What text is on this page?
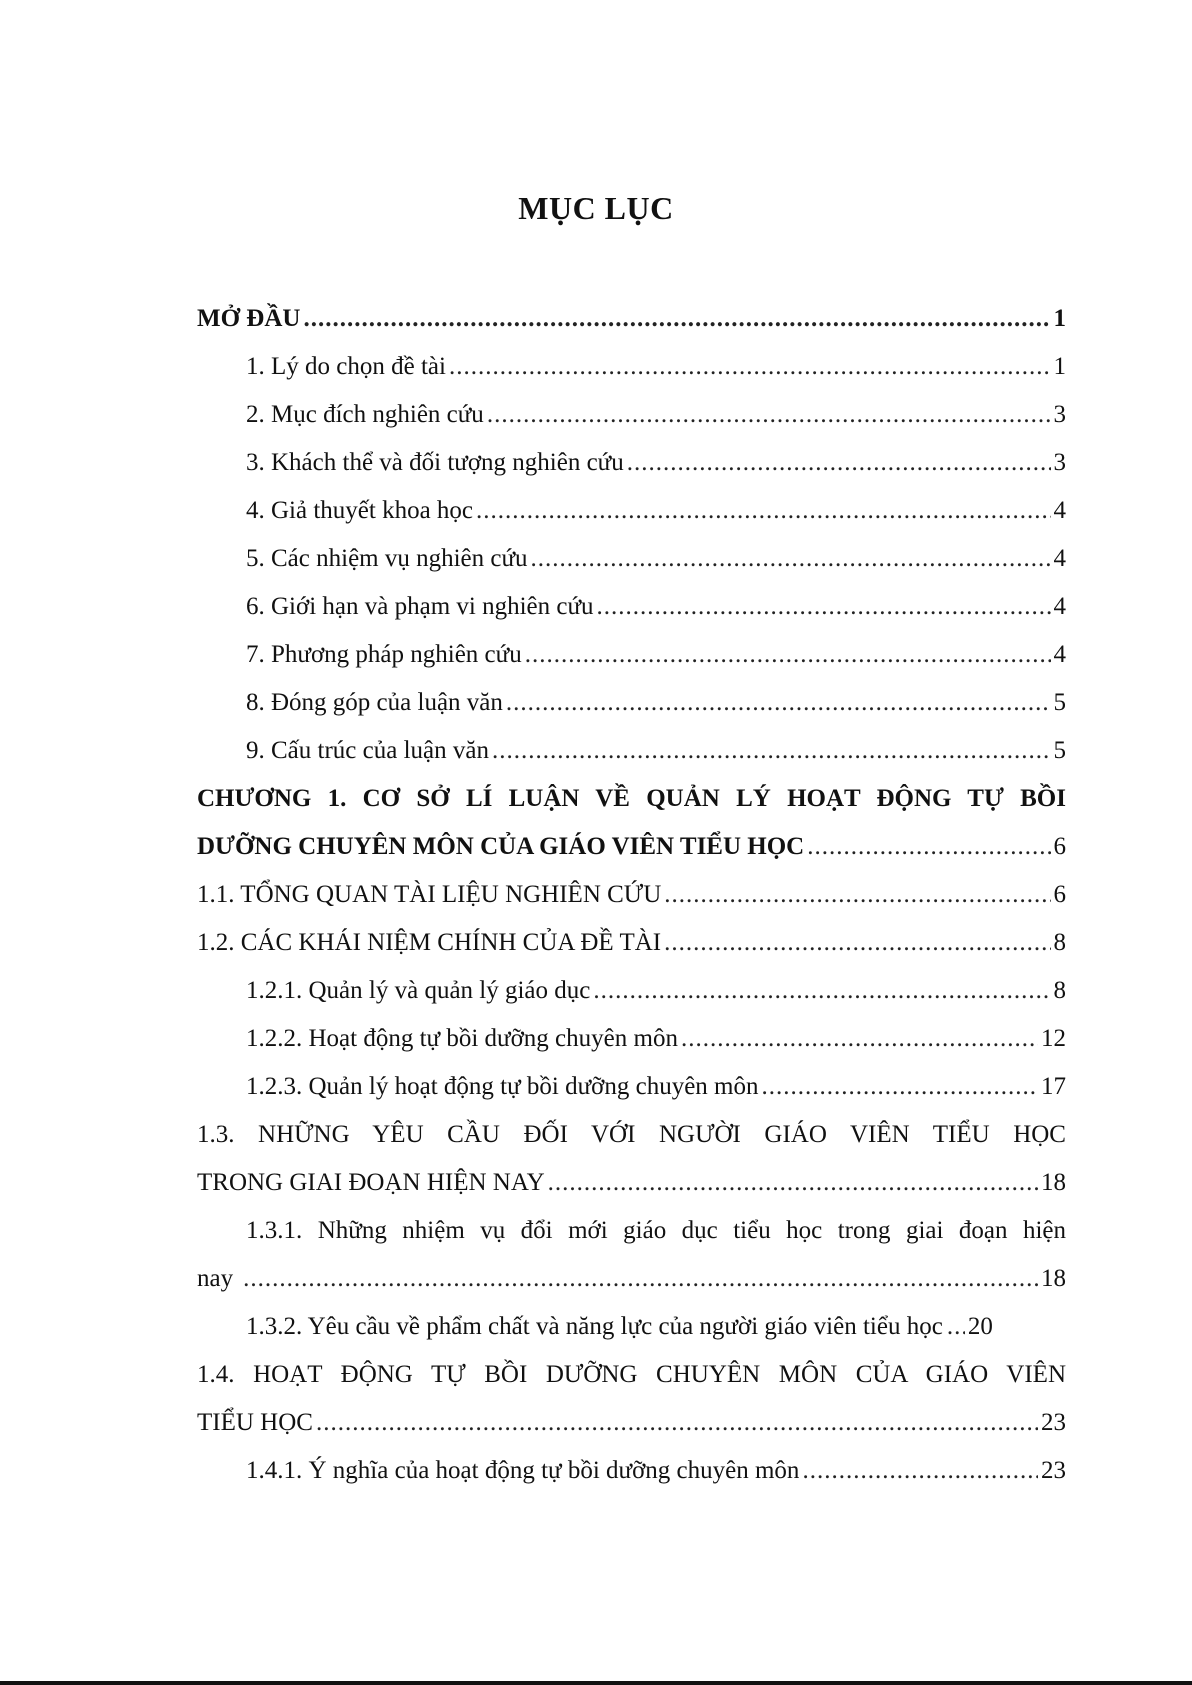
MỤC LỤC
MỞ ĐẦU .....	1
1. Lý do chọn đề tài .....	1
2. Mục đích nghiên cứu .....	3
3. Khách thể và đối tượng nghiên cứu .....	3
4. Giả thuyết khoa học .....	4
5. Các nhiệm vụ nghiên cứu .....	4
6. Giới hạn và phạm vi nghiên cứu .....	4
7. Phương pháp nghiên cứu .....	4
8. Đóng góp của luận văn .....	5
9. Cấu trúc của luận văn .....	5
CHƯƠNG 1. CƠ SỞ LÍ LUẬN VỀ QUẢN LÝ HOẠT ĐỘNG TỰ BỒI
DƯỠNG CHUYÊN MÔN CỦA GIÁO VIÊN TIỂU HỌC .....	6
1.1. TỔNG QUAN TÀI LIỆU NGHIÊN CỨU .....	6
1.2. CÁC KHÁI NIỆM CHÍNH CỦA ĐỀ TÀI .....	8
1.2.1. Quản lý và quản lý giáo dục .....	8
1.2.2. Hoạt động tự bồi dưỡng chuyên môn .....	12
1.2.3. Quản lý hoạt động tự bồi dưỡng chuyên môn .....	17
1.3. NHỮNG YÊU CẦU ĐỐI VỚI NGƯỜI GIÁO VIÊN TIỂU HỌC
TRONG GIAI ĐOẠN HIỆN NAY .....	18
1.3.1. Những nhiệm vụ đổi mới giáo dục tiểu học trong giai đoạn hiện
nay .....	18
1.3.2. Yêu cầu về phẩm chất và năng lực của người giáo viên tiểu học ..... 20
1.4. HOẠT ĐỘNG TỰ BỒI DƯỠNG CHUYÊN MÔN CỦA GIÁO VIÊN
TIỂU HỌC .....	23
1.4.1. Ý nghĩa của hoạt động tự bồi dưỡng chuyên môn .....	23
